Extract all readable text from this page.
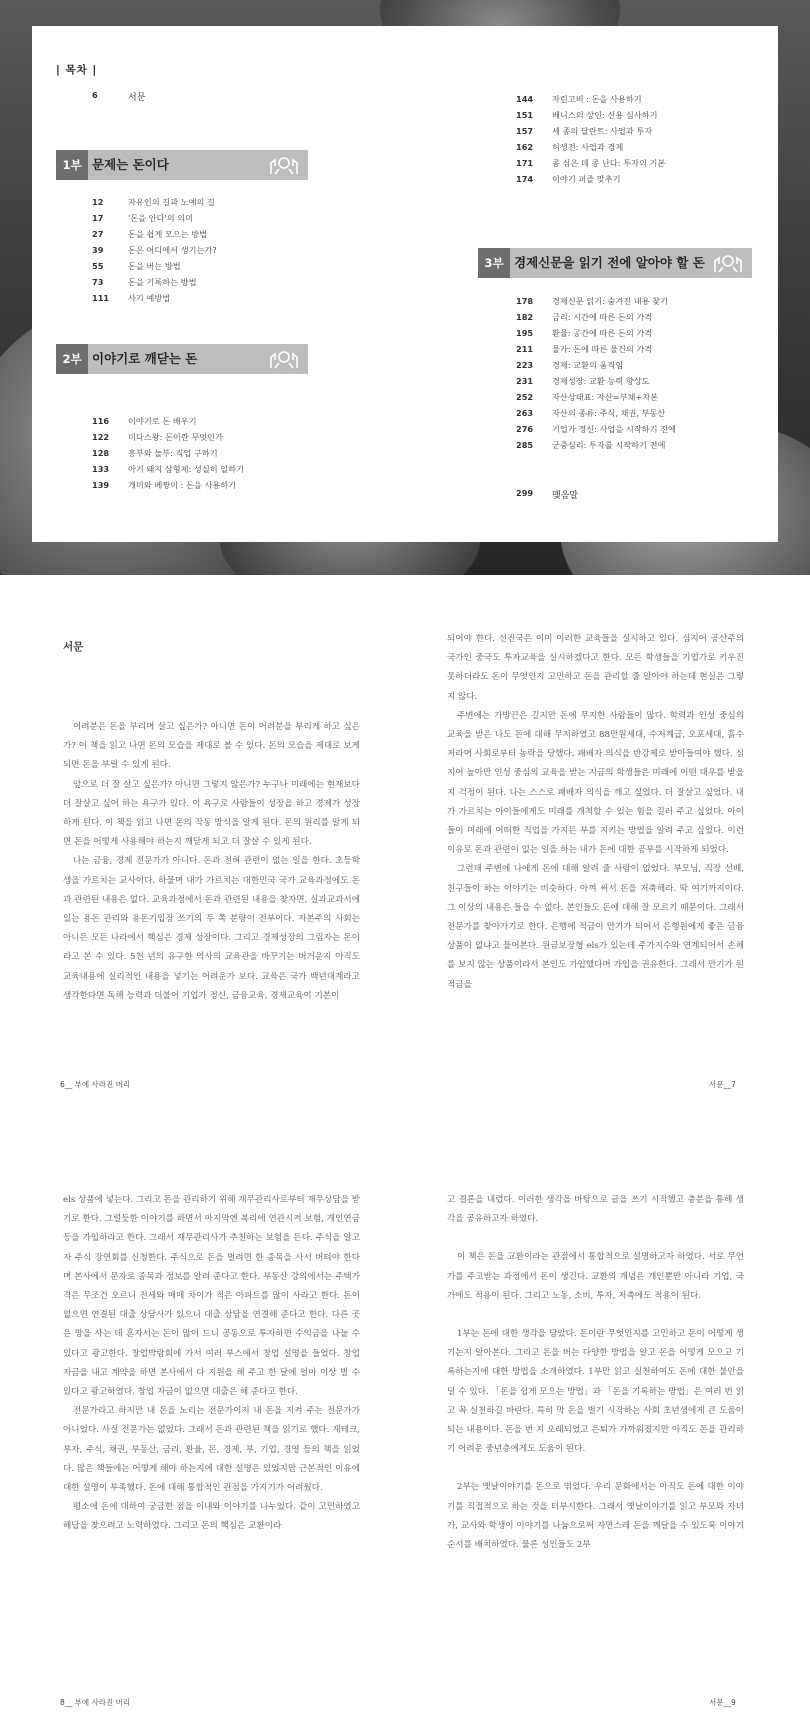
| 목차 |
6	서문
1부 문제는 돈이다
12	자유인의 길과 노예의 길
17	'돈을 안다'의 의미
27	돈을 쉽게 모으는 방법
39	돈은 어디에서 생기는가?
55	돈을 버는 방법
73	돈을 기록하는 방법
111	사기 예방법
2부 이야기로 깨닫는 돈
116	이야기로 돈 배우기
122	미다스왕: 돈이란 무엇인가
128	흥부와 놀부: 직업 구하기
133	아기 돼지 삼형제: 성실히 일하기
139	개미와 베짱이 : 돈을 사용하기
144	자린고비 : 돈을 사용하기
151	베니스의 상인: 신용 심사하기
157	세 종의 달란트: 사업과 투자
162	허생전: 사업과 경제
171	콩 심은 데 콩 난다: 투자의 기본
174	이야기 퍼즐 맞추기
3부 경제신문을 읽기 전에 알아야 할 돈
178	경제신문 읽기: 숨겨진 내용 찾기
182	금리: 시간에 따른 돈의 가격
195	환율: 공간에 따른 돈의 가격
211	물가: 돈에 따른 물건의 가격
223	경제: 교환의 움직임
231	경제성장: 교환 능력 향상도
252	자산상태표: 자산=부채+자본
263	자산의 종류: 주식, 채권, 부동산
276	기업가 정신: 사업을 시작하기 전에
285	군중심리: 투자를 시작하기 전에
299	맺음말
서문

어려분은 돈을 부리며 살고 싶은가? 아니면 돈이 어려분을 부리게 하고 싶은가? 이 책을 읽고 나면 돈의 모습을 제대로 볼 수 있다. 돈의 모습을 제대로 보게 되면 돈을 부릴 수 있게 된다.

앞으로 더 잘 살고 싶은가? 아니면 그렇지 않은가? 누구나 미래에는 현재보다 더 잘살고 싶어 하는 욕구가 있다. 이 욕구로 사람들이 성장을 하고 경제가 성장하게 된다. 이 책을 읽고 나면 돈의 작동 방식을 알게 된다. 돈의 원리를 알게 되면 돈을 어떻게 사용해야 하는지 깨닫게 되고 더 잘살 수 있게 된다.

나는 금융, 경제 전문가가 아니다. 돈과 전혀 관련이 없는 일을 한다. 초등학생을 가르치는 교사이다. 하물며 내가 가르치는 대한민국 국가 교육과정에도 돈과 관련된 내용은 없다. 교육과정에서 돈과 관련된 내용을 찾자면, 실과교과서에 있는 용돈 관리와 용돈기입장 쓰기의 두 쪽 분량이 전부이다. 자본주의 사회는 아니든 모든 나라에서 핵심은 경제 성장이다. 그리고 경제성장의 그림자는 돈이라고 본 수 있다. 5천 년의 유구한 역사의 교육관을 바꾸기는 버거운지 아직도 교육내용에 실리적인 내용을 넣기는 어려운가 보다. 교육은 국가 백년대계라고 생각한다면 독해 능력과 더불어 기업가 정신, 금융교육, 경제교육이 기본이

되어야 한다. 선진국은 이미 이러한 교육들을 실시하고 있다. 심지어 공산주의 국가인 중국도 투자교육을 실시하겠다고 한다. 모든 학생들을 기업가로 키우진 못하더라도 돈이 무엇인지 고민하고 돈을 관리할 줄 알아야 하는데 현실은 그렇지 않다.

주변에는 가방끈은 길지만 돈에 무지한 사람들이 많다. 학력과 인성 중심의 교육을 받은 나도 돈에 대해 무지하였고 88만원세대, 수저계급, 오포세대, 흙수저라며 사회로부터 농락을 당했다. 패배자 의식을 반강제로 받아들여야 했다. 심지어 높아만 인성 중심의 교육을 받는 지금의 학생들은 미래에 어떤 대우를 받을지 걱정이 된다. 나는 스스로 패배자 의식을 깨고 싶었다. 더 잘살고 싶었다. 내가 가르치는 아이들에게도 미래를 개척할 수 있는 힘을 길러 주고 싶었다. 아이들이 미래에 어떠한 직업을 가지든 부를 지키는 방법을 알려 주고 싶었다. 이런 이유로 돈과 관련이 없는 일을 하는 내가 돈에 대한 공부를 시작하게 되었다.

그런데 주변에 나에게 돈에 대해 알려 줄 사람이 없었다. 부모님, 직장 선배, 친구들이 하는 이야기는 비슷하다. 아껴 써서 돈을 저축해라. 딱 여기까지이다. 그 이상의 내용은 들을 수 없다. 본인들도 돈에 대해 잘 모르기 때문이다. 그래서 전문가를 찾아가기로 한다. 은행에 적금이 만기가 되어서 은행원에게 좋은 금융 상품이 없냐고 물어본다. 원금보장형 els가 있는데 주가지수와 연계되어서 손해를 보지 않는 상품이라서 본인도 가입했다며 가입을 권유한다. 그래서 만기가 된 적금을

6__ 부에 사라진 머리	서문__7

els 상품에 넣는다. 그리고 돈을 관리하기 위해 재무관리사로부터 재무상담을 받기로 한다. 그럴듯한 이야기를 하면서 마지막엔 복리에 연관시켜 보험, 개인연금 등을 가입하라고 한다. 그래서 재무관리사가 추천하는 보험을 든다. 주식을 알고자 주식 강연회를 신청한다. 주식으로 돈을 벌려면 한 종목을 사서 버텨야 한다며 본사에서 문자로 종목과 정보를 알려 준다고 한다. 부동산 강의에서는 주택가격은 무조건 오르니 전세와 매매 차이가 적은 아파트를 많이 사라고 한다. 돈이 없으면 연결된 대출 상담사가 있으니 대출 상담을 연결해 준다고 한다. 다른 곳은 방을 사는 데 혼자서는 돈이 많이 드니 공동으로 투자하면 수익금을 나눌 수 있다고 광고한다. 창업박람회에 가서 여러 부스에서 창업 설명을 들었다. 창업 자금을 내고 계약을 하면 본사에서 다 지원을 해 주고 한 달에 얼마 이상 벌 수 있다고 광고하였다. 창업 자금이 없으면 대출은 해 준다고 한다.

전문가라고 하지만 내 돈을 노리는 전문가이지 내 돈을 지켜 주는 전문가가 아니었다. 사실 전문가는 없었다. 그래서 돈과 관련된 책을 읽기로 했다. 재테크, 부자, 주식, 채권, 부동산, 금리, 환율, 돈, 경제, 부, 기업, 경영 등의 책을 읽었다. 많은 책들에는 어떻게 해야 하는지에 대한 설명은 있었지만 근본적인 이유에 대한 설명이 부족했다. 돈에 대해 통합적인 관점을 가지기가 어려웠다.

평소에 돈에 대하여 궁금한 점을 이내와 이야기를 나누었다. 같이 고민하였고 해답을 찾으려고 노력하였다. 그리고 돈의 핵심은 교환이라

고 결론을 내렸다. 이러한 생각을 바탕으로 글을 쓰기 시작했고 충분을 통해 생각을 공유하고자 하였다.

이 책은 돈을 교환이라는 관점에서 통합적으로 설명하고자 하였다. 서로 무언가를 주고받는 과정에서 돈이 생긴다. 교환의 개념은 개인뿐만 아니라 기업, 국가에도 적용이 된다. 그리고 노동, 소비, 투자, 저축에도 적용이 된다.

1부는 돈에 대한 생각을 담았다. 돈이란 무엇인지를 고민하고 돈이 어떻게 생기는지 알아본다. 그리고 돈을 버는 다양한 방법을 알고 돈을 어떻게 모으고 기록하는지에 대한 방법을 소개하였다. 1부만 읽고 실천하여도 돈에 대한 불안을 덜 수 있다. 「돈을 쉽게 모으는 방법」과 「돈을 기록하는 방법」은 여러 번 읽고 꼭 실천하길 바란다. 특히 막 돈을 벌기 시작하는 사회 초년생에게 큰 도움이 되는 내용이다. 돈을 번 지 오래되었고 은퇴가 가까워졌지만 아직도 돈을 관리하기 어려운 중년층에게도 도움이 된다.

2부는 옛날이야기를 돈으로 엮었다. 우리 문화에서는 아직도 돈에 대한 이야기를 직접적으로 하는 것을 터부시한다. 그래서 옛날이야기를 읽고 부모와 자녀가, 교사와 학생이 이야기를 나눔으로써 자연스레 돈을 깨달을 수 있도록 이야기 순서를 배치하였다. 물론 성인들도 2부

8__ 부에 사라진 머리	서문__9
